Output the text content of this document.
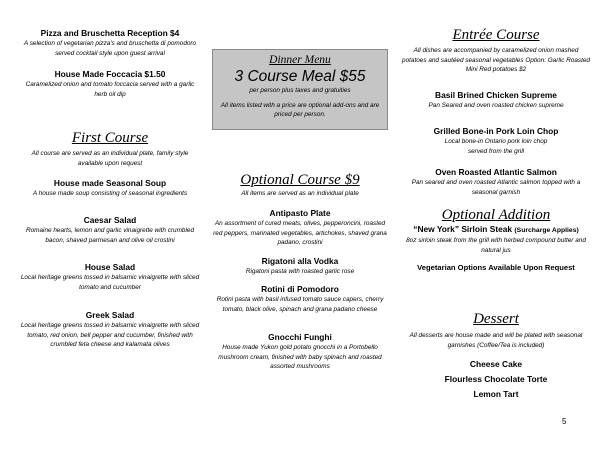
Pizza and Bruschetta Reception $4

A selection of vegetarian pizza's and bruschetta di pomodoro served cocktail style upon guest arrival

House Made Foccacia $1.50

Caramelized onion and tomato foccacia served with a garlic herb oil dip

First Course

All course are served as an individual plate, family style available upon request

House made Seasonal Soup

A house made soup consisting of seasonal ingredients

Caesar Salad

Romaine hearts, lemon and garlic vinaigrette with crumbled bacon, shaved parmesan and olive oil crostini

House Salad

Local heritage greens tossed in balsamic vinaigrette with sliced tomato and cucumber

Greek Salad

Local heritage greens tossed in balsamic vinaigrette with sliced tomato, red onion, bell pepper and cucumber, finished with crumbled feta cheese and kalamata olives

Dinner Menu

3 Course Meal $55

per person plus taxes and gratuities

All items listed with a price are optional add-ons and are priced per person.

Optional Course $9

All items are served as an individual plate

Antipasto Plate

An assortment of cured meats, olives, pepperoncini, roasted red peppers, marinated vegetables, artichokes, shaved grana padano, crostini

Rigatoni alla Vodka

Rigatoni pasta with roasted garlic rose

Rotini di Pomodoro

Rotini pasta with basil infused tomato sauce capers, cherry tomato, black olive, spinach and grana padano cheese

Gnocchi Funghi

House made Yukon gold potato gnocchi in a Portobello mushroom cream, finished with baby spinach and roasted assorted mushrooms

Entrée Course

All dishes are accompanied by caramelized onion mashed potatoes and sautéed seasonal vegetables Option: Garlic Roasted Mini Red potatoes $2

Basil Brined Chicken Supreme

Pan Seared and oven roasted chicken supreme

Grilled Bone-in Pork Loin Chop

Local bone-in Ontario pork loin chop served from the grill

Oven Roasted Atlantic Salmon

Pan seared and oven roasted Atlantic salmon topped with a seasonal garnish

Optional Addition

“New York” Sirloin Steak (Surcharge Applies)

8oz sirloin steak from the grill with herbed compound butter and natural jus

Vegetarian Options Available Upon Request

Dessert

All desserts are house made and will be plated with seasonal garnishes (Coffee/Tea is included)

Cheese Cake

Flourless Chocolate Torte

Lemon Tart

5
